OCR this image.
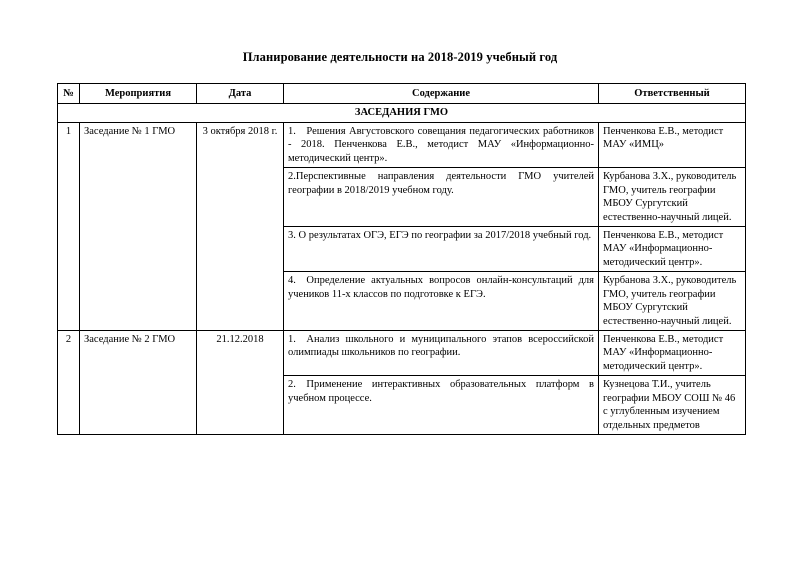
Планирование деятельности на 2018-2019 учебный год
№	Мероприятия	Дата	Содержание	Ответственный
ЗАСЕДАНИЯ ГМО				
1	Заседание № 1 ГМО	3 октября 2018 г.	1. Решения Августовского совещания педагогических работников - 2018. Пенченкова Е.В., методист МАУ «Информационно-методический центр».	Пенченкова Е.В., методист МАУ «ИМЦ»
			2.Перспективные направления деятельности ГМО учителей географии в 2018/2019 учебном году.	Курбанова З.Х., руководитель ГМО, учитель географии МБОУ Сургутский естественно-научный лицей.
			3. О результатах ОГЭ, ЕГЭ по географии за 2017/2018 учебный год.	Пенченкова Е.В., методист МАУ «Информационно-методический центр».
			4. Определение актуальных вопросов онлайн-консультаций для учеников 11-х классов по подготовке к ЕГЭ.	Курбанова З.Х., руководитель ГМО, учитель географии МБОУ Сургутский естественно-научный лицей.
2	Заседание № 2 ГМО	21.12.2018	1. Анализ школьного и муниципального этапов всероссийской олимпиады школьников по географии.	Пенченкова Е.В., методист МАУ «Информационно-методический центр».
			2. Применение интерактивных образовательных платформ в учебном процессе.	Кузнецова Т.И., учитель географии МБОУ СОШ № 46 с углубленным изучением отдельных предметов
